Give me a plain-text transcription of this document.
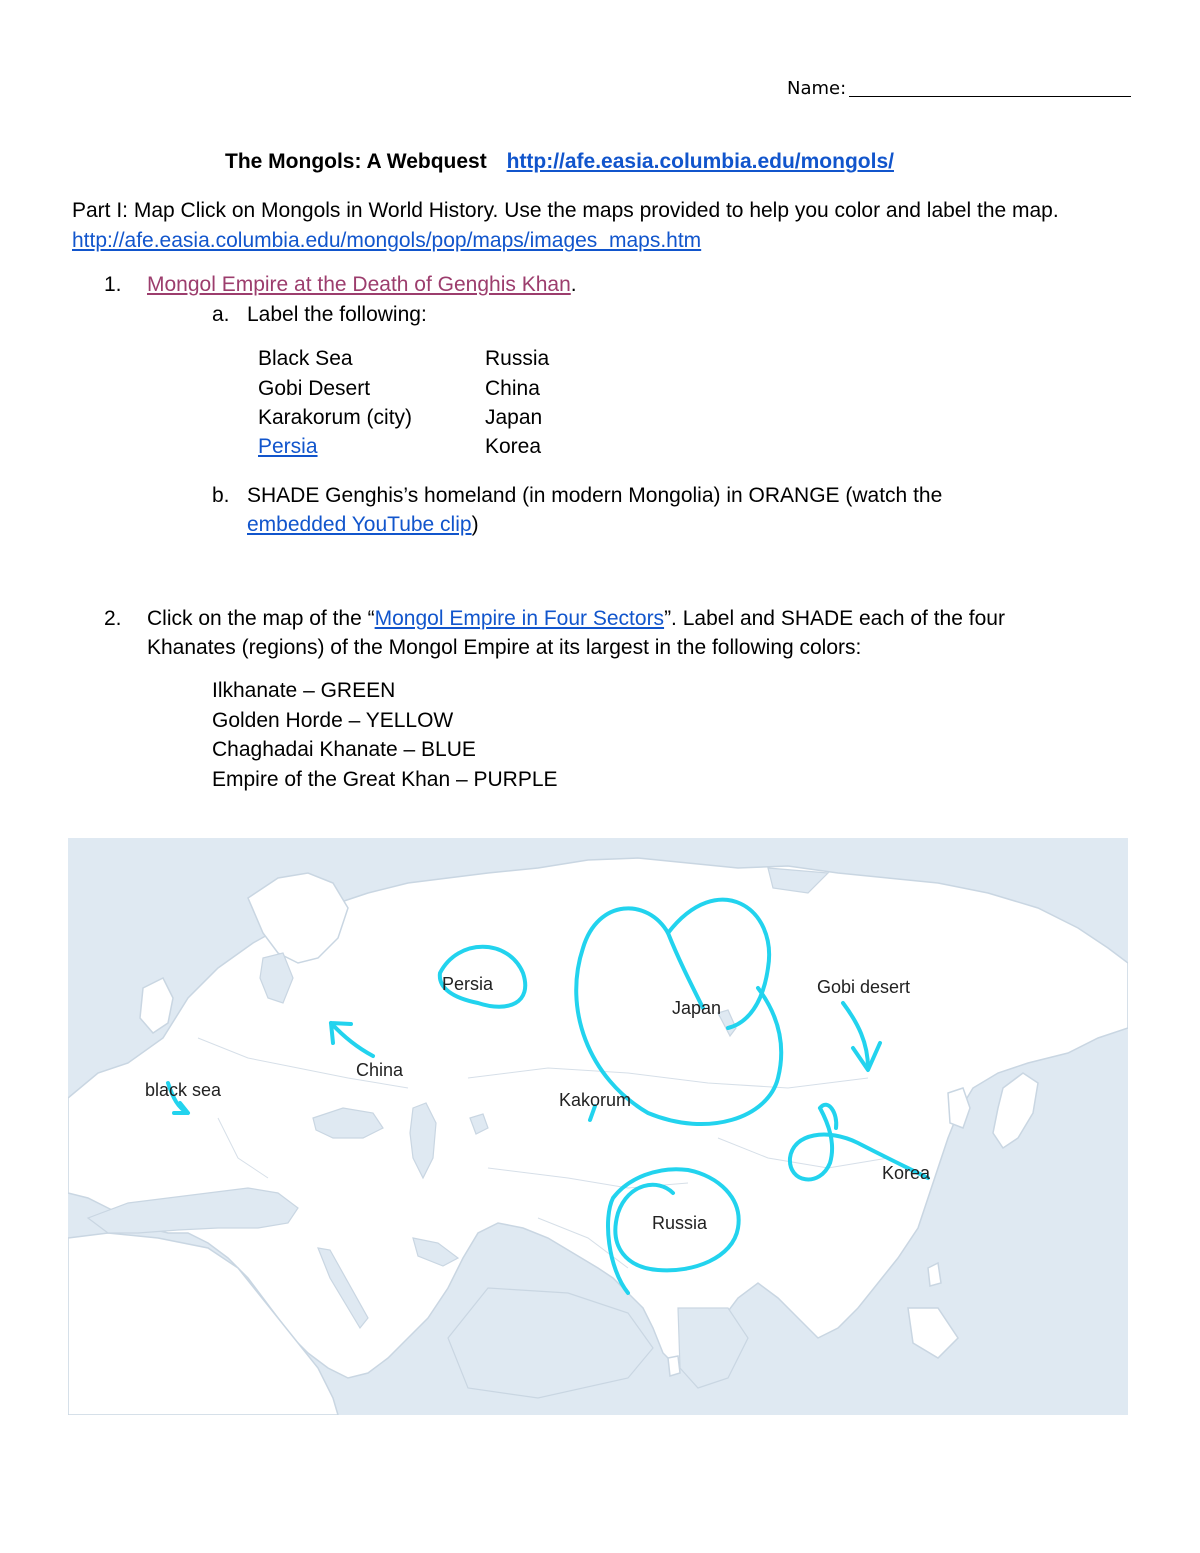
Name:
The Mongols: A Webquest http://afe.easia.columbia.edu/mongols/
Part I: Map Click on Mongols in World History. Use the maps provided to help you color and label the map. http://afe.easia.columbia.edu/mongols/pop/maps/images_maps.htm
1. Mongol Empire at the Death of Genghis Khan.
a. Label the following:
Black Sea
Gobi Desert
Karakorum (city)
Persia
Russia
China
Japan
Korea
b. SHADE Genghis’s homeland (in modern Mongolia) in ORANGE (watch the
embedded YouTube clip)
2. Click on the map of the “Mongol Empire in Four Sectors”. Label and SHADE each of the four
Khanates (regions) of the Mongol Empire at its largest in the following colors:
Ilkhanate – GREEN
Golden Horde – YELLOW
Chaghadai Khanate – BLUE
Empire of the Great Khan – PURPLE
black sea
China
Persia
Japan
Kakorum
Gobi desert
Korea
Russia
